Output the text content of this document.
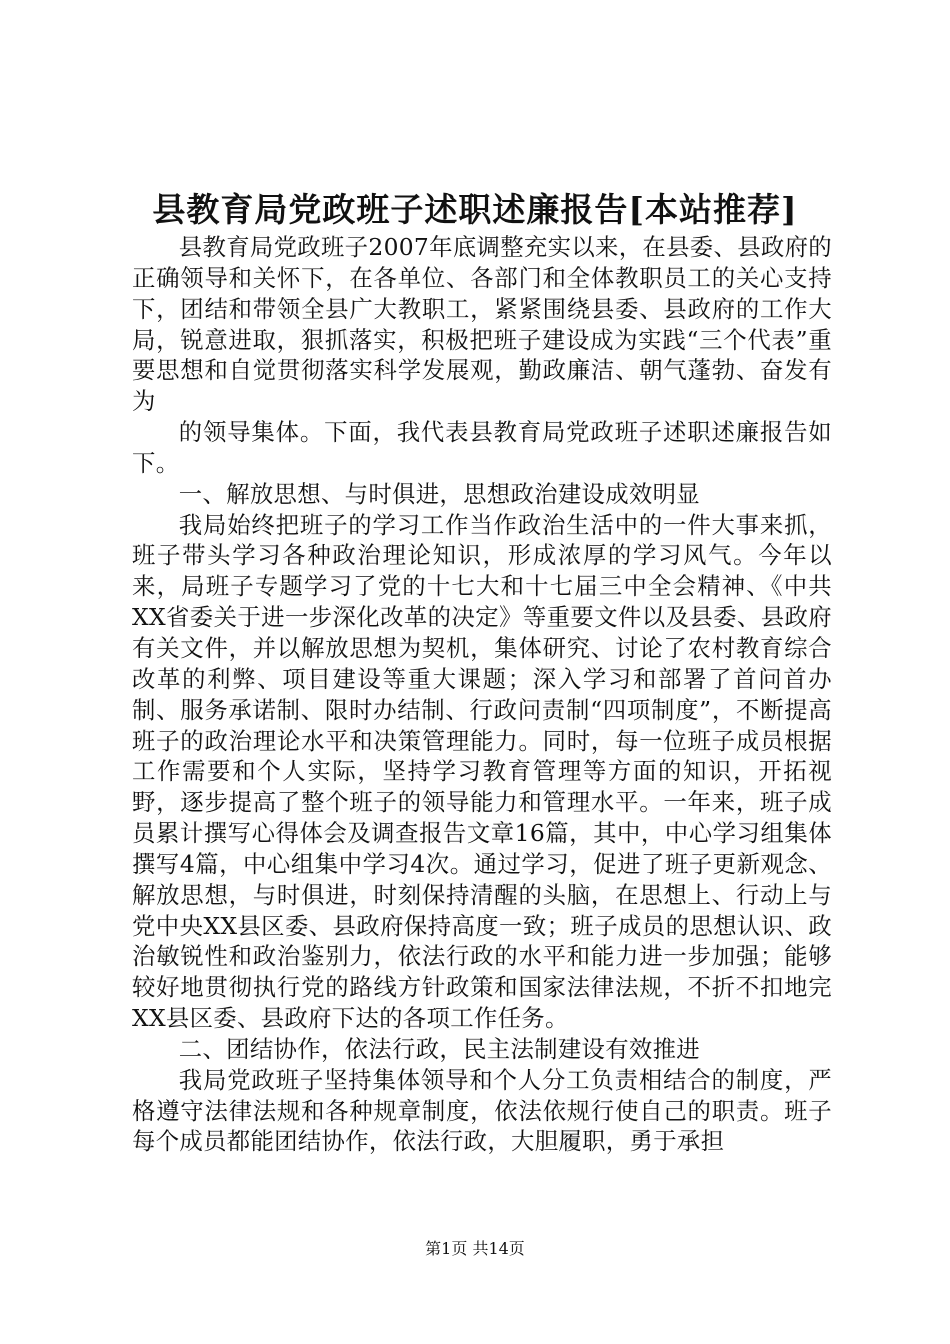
县教育局党政班子述职述廉报告[本站推荐]

县教育局党政班子2007年底调整充实以来，在县委、县政府的正确领导和关怀下，在各单位、各部门和全体教职员工的关心支持下，团结和带领全县广大教职工，紧紧围绕县委、县政府的工作大局，锐意进取，狠抓落实，积极把班子建设成为实践“三个代表”重要思想和自觉贯彻落实科学发展观，勤政廉洁、朝气蓬勃、奋发有为

的领导集体。下面，我代表县教育局党政班子述职述廉报告如下。

一、解放思想、与时俱进，思想政治建设成效明显

我局始终把班子的学习工作当作政治生活中的一件大事来抓，班子带头学习各种政治理论知识，形成浓厚的学习风气。今年以来，局班子专题学习了党的十七大和十七届三中全会精神、《中共XX省委关于进一步深化改革的决定》等重要文件以及县委、县政府有关文件，并以解放思想为契机，集体研究、讨论了农村教育综合改革的利弊、项目建设等重大课题；深入学习和部署了首问首办制、服务承诺制、限时办结制、行政问责制“四项制度”，不断提高班子的政治理论水平和决策管理能力。同时，每一位班子成员根据工作需要和个人实际，坚持学习教育管理等方面的知识，开拓视野，逐步提高了整个班子的领导能力和管理水平。一年来，班子成员累计撰写心得体会及调查报告文章16篇，其中，中心学习组集体撰写4篇，中心组集中学习4次。通过学习，促进了班子更新观念、解放思想，与时俱进，时刻保持清醒的头脑，在思想上、行动上与党中央XX县区委、县政府保持高度一致；班子成员的思想认识、政治敏锐性和政治鉴别力，依法行政的水平和能力进一步加强；能够较好地贯彻执行党的路线方针政策和国家法律法规，不折不扣地完XX县区委、县政府下达的各项工作任务。

二、团结协作，依法行政，民主法制建设有效推进

我局党政班子坚持集体领导和个人分工负责相结合的制度，严格遵守法律法规和各种规章制度，依法依规行使自己的职责。班子每个成员都能团结协作，依法行政，大胆履职，勇于承担

第1页 共14页
